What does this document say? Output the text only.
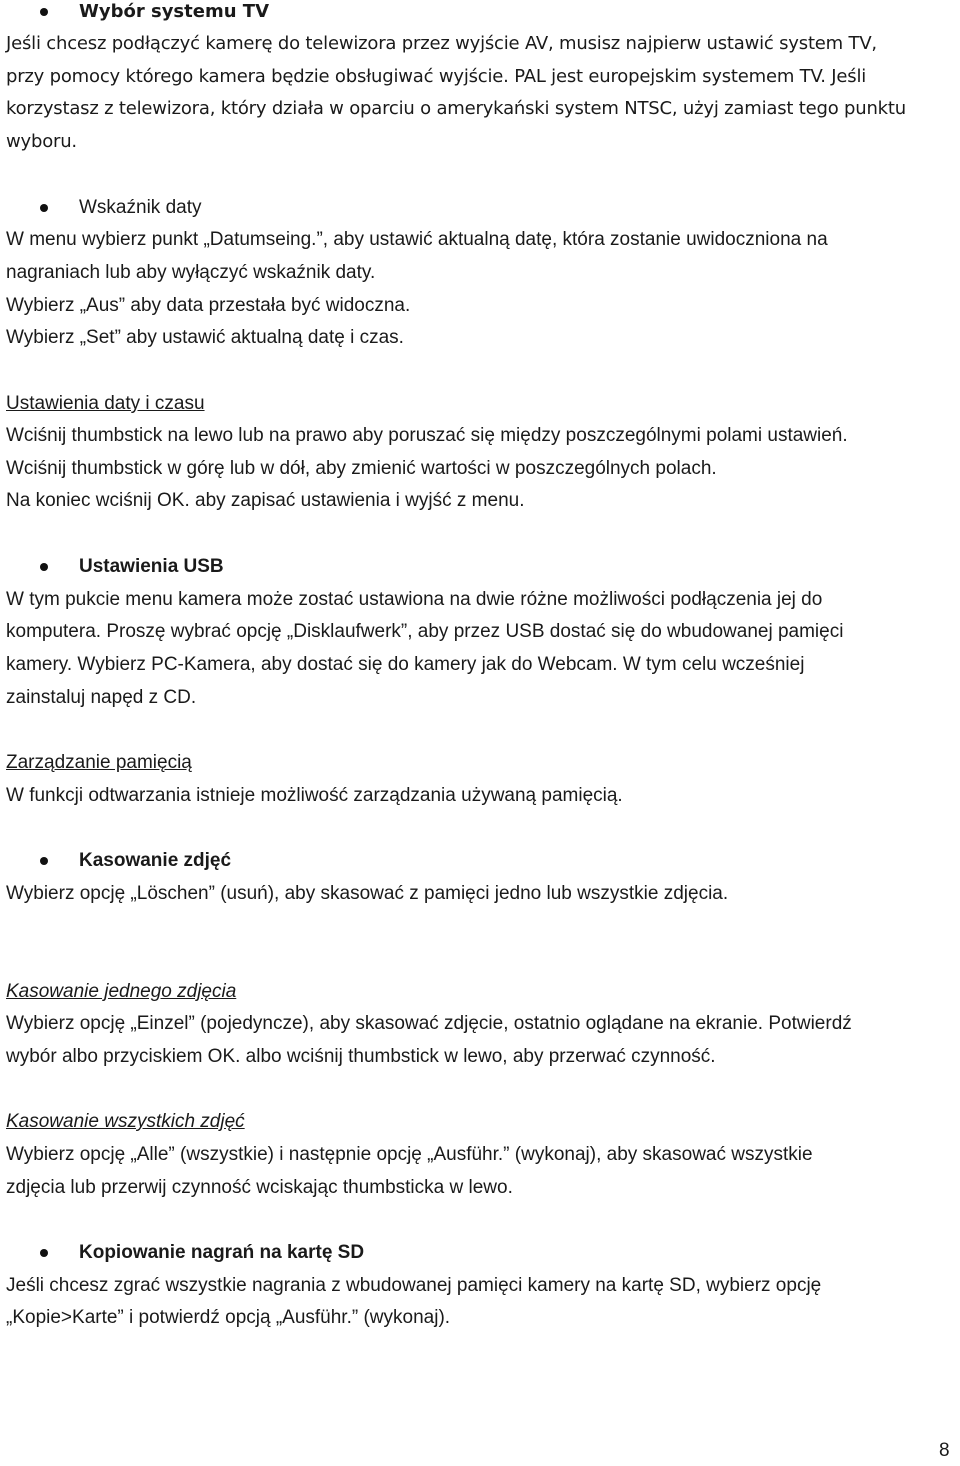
Wybór systemu TV

Jeśli chcesz podłączyć kamerę do telewizora przez wyjście AV, musisz najpierw ustawić system TV,

przy pomocy którego kamera będzie obsługiwać wyjście. PAL jest europejskim systemem TV. Jeśli

korzystasz z telewizora, który działa w oparciu o amerykański system NTSC, użyj zamiast tego punktu

wyboru.

Wskaźnik daty

W menu wybierz punkt „Datumseing.”, aby ustawić aktualną datę, która zostanie uwidoczniona na

nagraniach lub aby wyłączyć wskaźnik daty.

Wybierz „Aus” aby data przestała być widoczna.

Wybierz „Set” aby ustawić aktualną datę i czas.

Ustawienia daty i czasu

Wciśnij thumbstick na lewo lub na prawo aby poruszać się między poszczególnymi polami ustawień.

Wciśnij thumbstick w górę lub w dół, aby zmienić wartości w poszczególnych polach.

Na koniec wciśnij OK. aby zapisać ustawienia i wyjść z menu.

Ustawienia USB

W tym pukcie menu kamera może zostać ustawiona na dwie różne możliwości podłączenia jej do

komputera. Proszę wybrać opcję „Disklaufwerk”, aby przez USB dostać się do wbudowanej pamięci

kamery. Wybierz PC-Kamera, aby dostać się do kamery jak do Webcam. W tym celu wcześniej

zainstaluj napęd z CD.

Zarządzanie pamięcią

W funkcji odtwarzania istnieje możliwość zarządzania używaną pamięcią.

Kasowanie zdjęć

Wybierz opcję „Löschen” (usuń), aby skasować z pamięci jedno lub wszystkie zdjęcia.

Kasowanie jednego zdjęcia

Wybierz opcję „Einzel” (pojedyncze), aby skasować zdjęcie, ostatnio oglądane na ekranie. Potwierdź

wybór albo przyciskiem OK. albo wciśnij thumbstick w lewo, aby przerwać czynność.

Kasowanie wszystkich zdjęć

Wybierz opcję „Alle” (wszystkie) i następnie opcję „Ausführ.” (wykonaj), aby skasować wszystkie

zdjęcia lub przerwij czynność wciskając thumbsticka w lewo.

Kopiowanie nagrań na kartę SD

Jeśli chcesz zgrać wszystkie nagrania z wbudowanej pamięci kamery na kartę SD, wybierz opcję

„Kopie>Karte” i potwierdź opcją „Ausführ.” (wykonaj).

8
